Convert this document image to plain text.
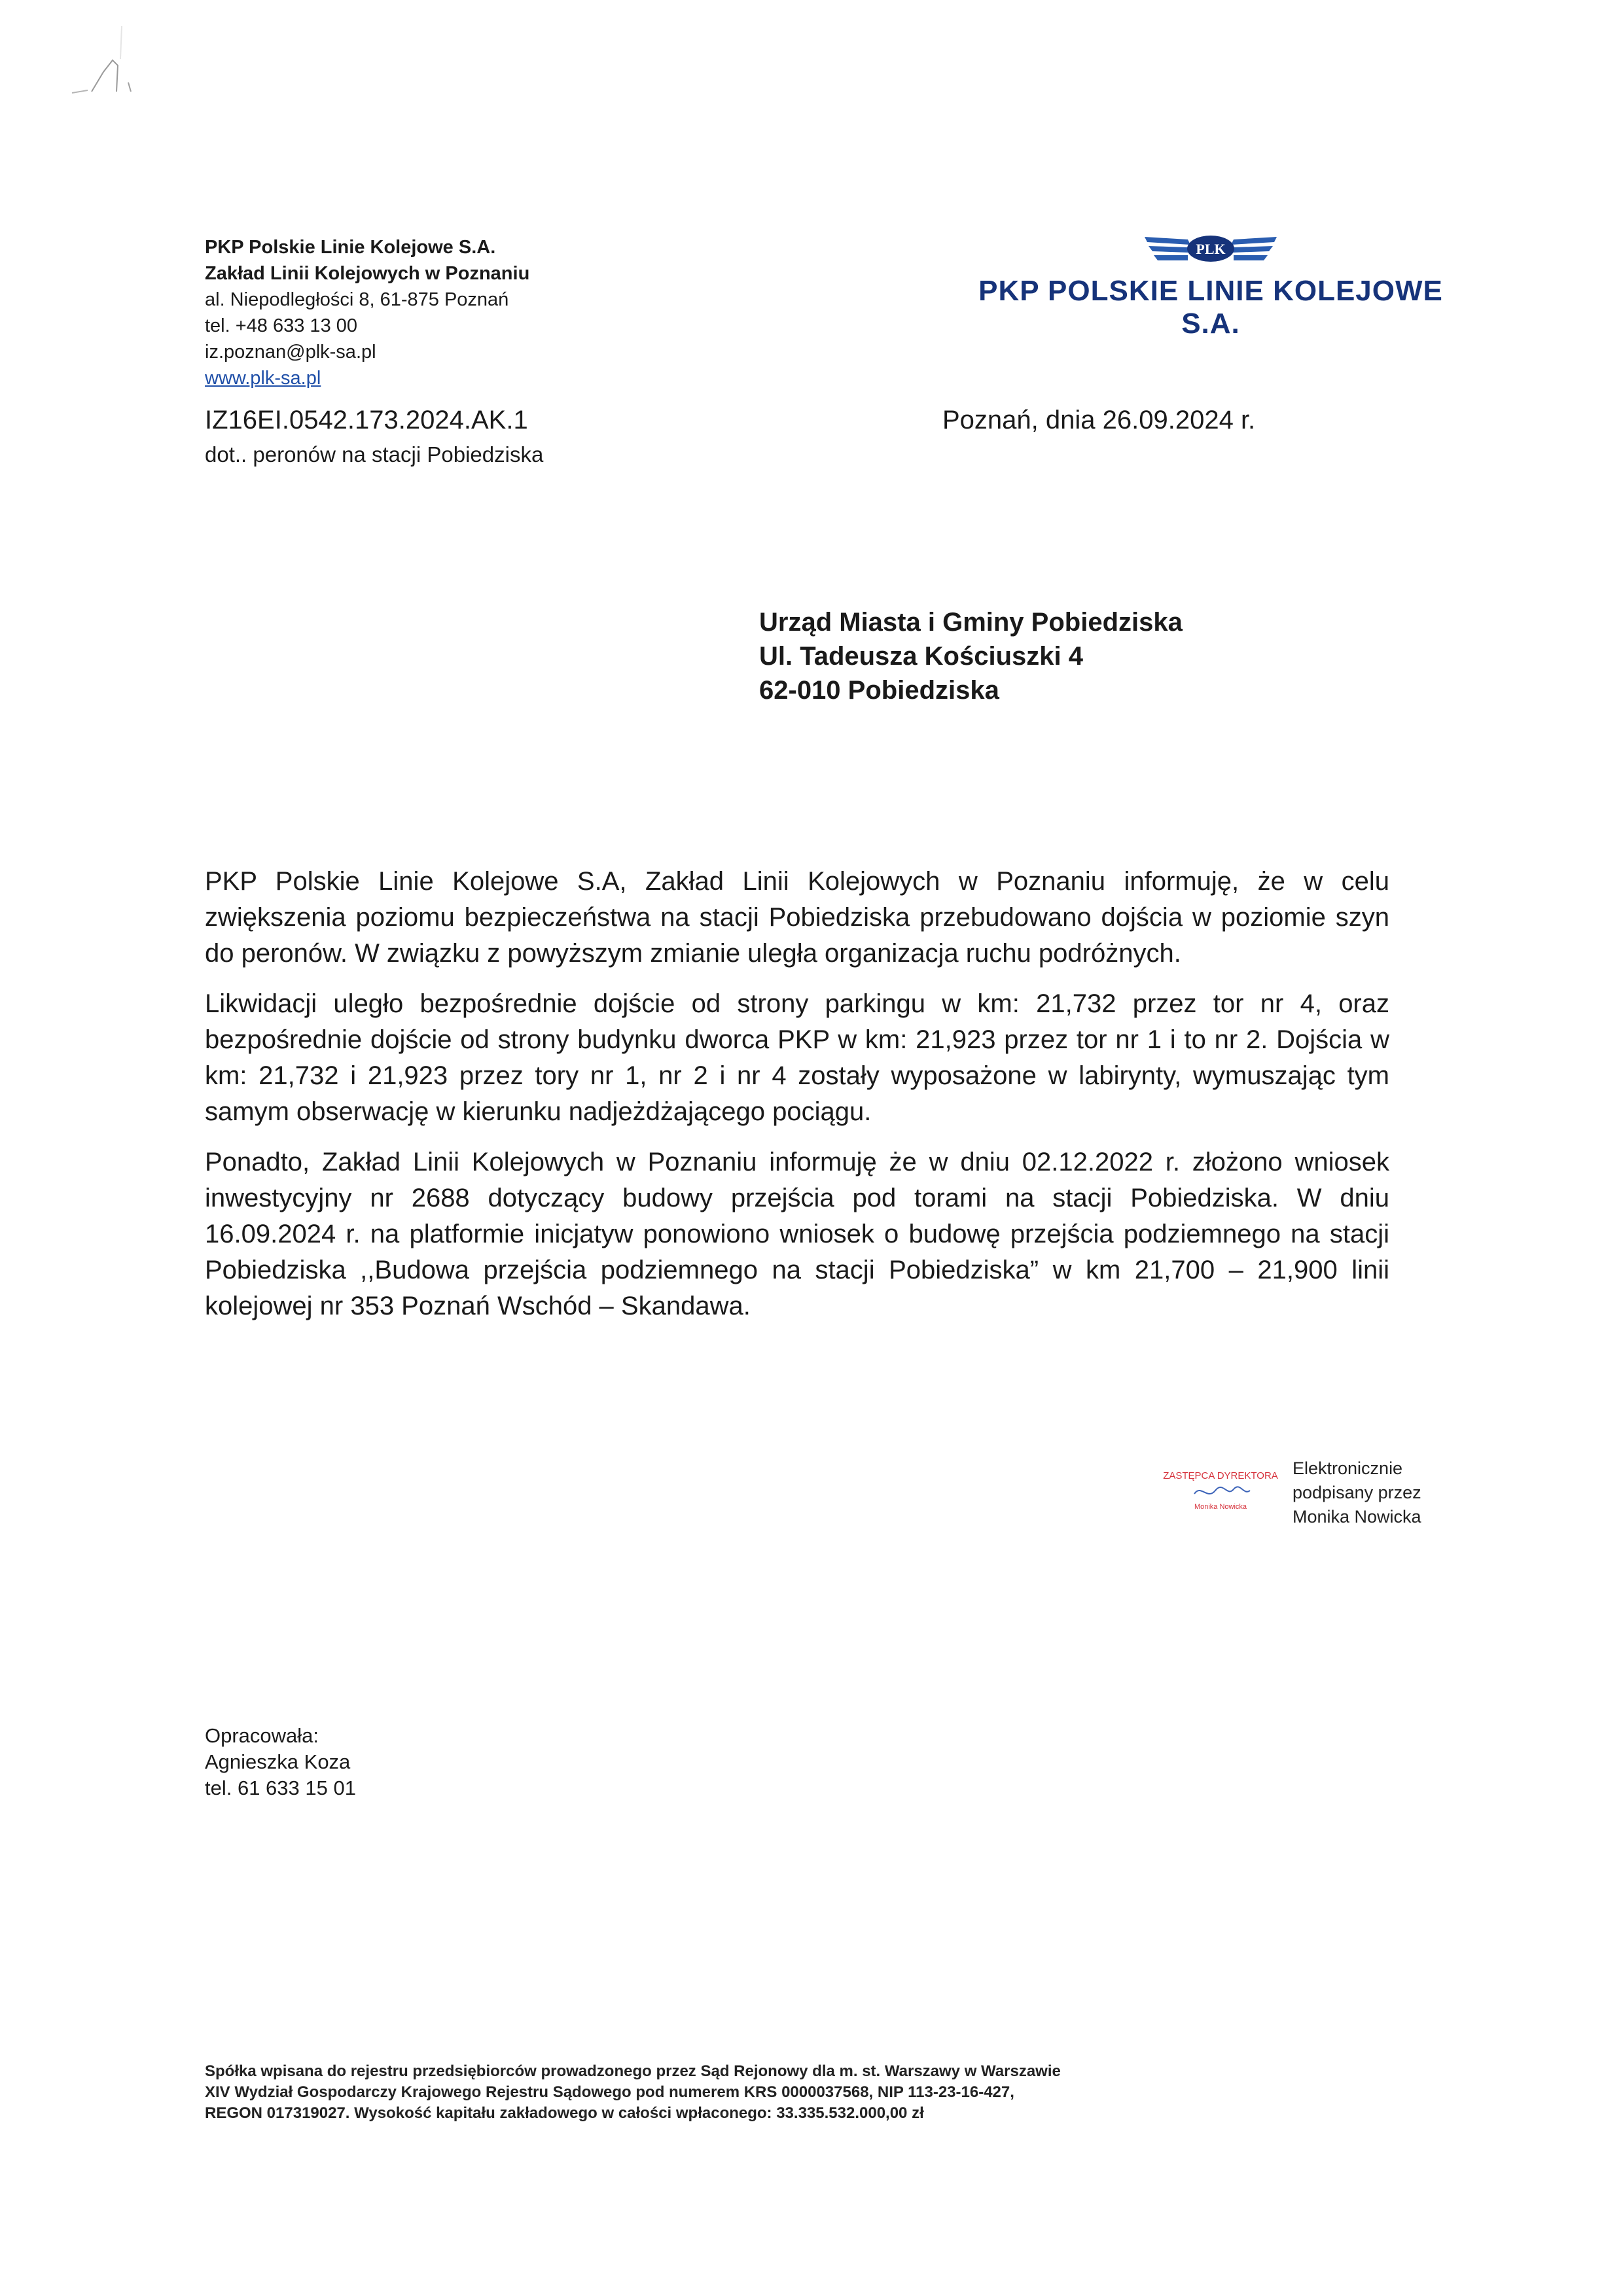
PKP Polskie Linie Kolejowe S.A.
Zakład Linii Kolejowych w Poznaniu
al. Niepodległości 8, 61-875 Poznań
tel. +48 633 13 00
iz.poznan@plk-sa.pl
www.plk-sa.pl
PLK
PKP POLSKIE LINIE KOLEJOWE S.A.
IZ16EI.0542.173.2024.AK.1
dot.. peronów na stacji Pobiedziska
Poznań, dnia 26.09.2024 r.
Urząd Miasta i Gminy Pobiedziska
Ul. Tadeusza Kościuszki 4
62-010 Pobiedziska

PKP Polskie Linie Kolejowe S.A, Zakład Linii Kolejowych w Poznaniu informuję, że w celu zwiększenia poziomu bezpieczeństwa na stacji Pobiedziska przebudowano dojścia w poziomie szyn do peronów. W związku z powyższym zmianie uległa organizacja ruchu podróżnych.

Likwidacji uległo bezpośrednie dojście od strony parkingu w km: 21,732 przez tor nr 4, oraz bezpośrednie dojście od strony budynku dworca PKP w km: 21,923 przez tor nr 1 i to nr 2. Dojścia w km: 21,732 i 21,923 przez tory nr 1, nr 2 i nr 4 zostały wyposażone w labirynty, wymuszając tym samym obserwację w kierunku nadjeżdżającego pociągu.

Ponadto, Zakład Linii Kolejowych w Poznaniu informuję że w dniu 02.12.2022 r. złożono wniosek inwestycyjny nr 2688 dotyczący budowy przejścia pod torami na stacji Pobiedziska. W dniu 16.09.2024 r. na platformie inicjatyw ponowiono wniosek o budowę przejścia podziemnego na stacji Pobiedziska ,,Budowa przejścia podziemnego na stacji Pobiedziska” w km 21,700 – 21,900 linii kolejowej nr 353 Poznań Wschód – Skandawa.

ZASTĘPCA DYREKTORA
Monika Nowicka
Elektronicznie
podpisany przez
Monika Nowicka
Opracowała:
Agnieszka Koza
tel. 61 633 15 01
Spółka wpisana do rejestru przedsiębiorców prowadzonego przez Sąd Rejonowy dla m. st. Warszawy w Warszawie
XIV Wydział Gospodarczy Krajowego Rejestru Sądowego pod numerem KRS 0000037568, NIP 113-23-16-427,
REGON 017319027. Wysokość kapitału zakładowego w całości wpłaconego: 33.335.532.000,00 zł
